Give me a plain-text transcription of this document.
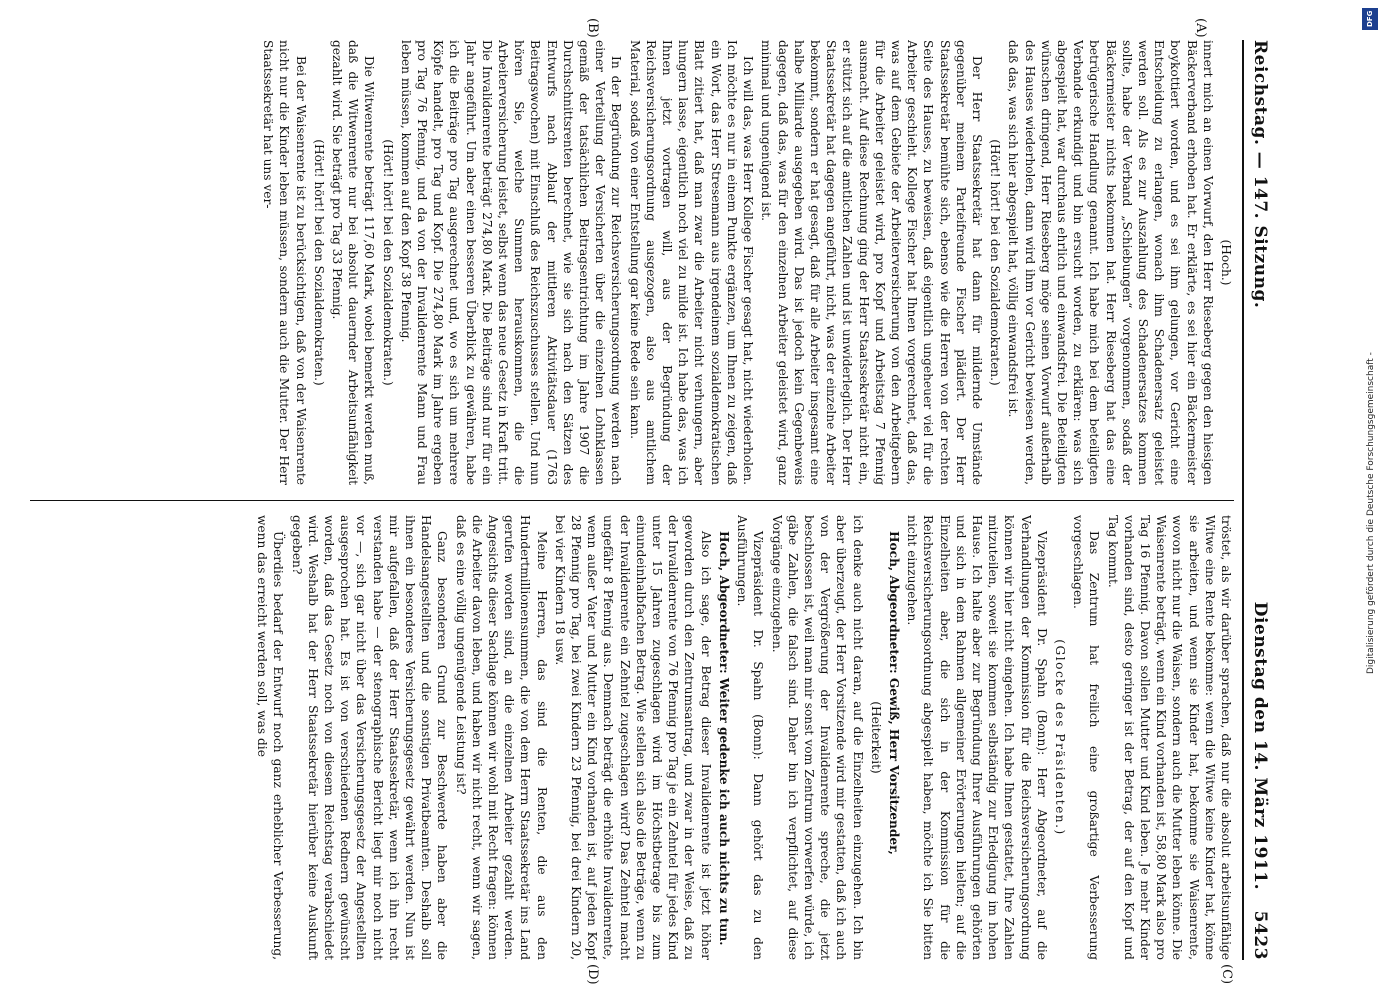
Reichstag. — 147. Sitzung.
Dienstag den 14. März 1911.
5423
(A)
(B)
(C)
(D)

(Hoch.)

innert mich an einen Vorwurf, den Herr Rieseberg gegen den hiesigen Bäckerverband erhoben hat. Er erklärte, es sei hier ein Bäckermeister boykottiert worden, und es sei ihm gelungen, vor Gericht eine Entscheidung zu erlangen, wonach ihm Schadenersatz geleistet werden soll. Als es zur Auszahlung des Schadenersatzes kommen sollte, habe der Verband „Schiebungen“ vorgenommen, sodaß der Bäckermeister nichts bekommen hat. Herr Rieseberg hat das eine betrügerische Handlung genannt. Ich habe mich bei dem beteiligten Verbande erkundigt und bin ersucht worden, zu erklären: was sich abgespielt hat, war durchaus ehrlich und einwandsfrei. Die Beteiligten wünschen dringend, Herr Rieseberg möge seinen Vorwurf außerhalb des Hauses wiederholen, dann wird ihm vor Gericht bewiesen werden, daß das, was sich hier abgespielt hat, völlig einwandsfrei ist.

(Hört! hört! bei den Sozialdemokraten.)

Der Herr Staatssekretär hat dann für mildernde Umstände gegenüber meinem Parteifreunde Fischer plädiert. Der Herr Staatssekretär bemühte sich, ebenso wie die Herren von der rechten Seite des Hauses, zu beweisen, daß eigentlich ungeheuer viel für die Arbeiter geschieht. Kollege Fischer hat Ihnen vorgerechnet, daß das, was auf dem Gebiete der Arbeiterversicherung von den Arbeitgebern für die Arbeiter geleistet wird, pro Kopf und Arbeitstag 7 Pfennig ausmacht. Auf diese Rechnung ging der Herr Staatssekretär nicht ein, er stützt sich auf die amtlichen Zahlen und ist unwiderleglich. Der Herr Staatssekretär hat dagegen angeführt, nicht, was der einzelne Arbeiter bekommt, sondern er hat gesagt, daß für alle Arbeiter insgesamt eine halbe Milliarde ausgegeben wird. Das ist jedoch kein Gegenbeweis dagegen, daß das, was für den einzelnen Arbeiter geleistet wird, ganz minimal und ungenügend ist.

Ich will das, was Herr Kollege Fischer gesagt hat, nicht wiederholen. Ich möchte es nur in einem Punkte ergänzen, um Ihnen zu zeigen, daß ein Wort, das Herr Stresemann aus irgendeinem sozialdemokratischen Blatt zitiert hat, daß man zwar die Arbeiter nicht verhungern, aber hungern lasse, eigentlich noch viel zu milde ist. Ich habe das, was ich Ihnen jetzt vortragen will, aus der Begründung der Reichsversicherungsordnung ausgezogen, also aus amtlichem Material, sodaß von einer Entstellung gar keine Rede sein kann.

In der Begründung zur Reichsversicherungsordnung werden nach einer Verteilung der Versicherten über die einzelnen Lohnklassen gemäß der tatsächlichen Beitragsentrichtung im Jahre 1907 die Durchschnittsrenten berechnet, wie sie sich nach den Sätzen des Entwurfs nach Ablauf der mittleren Aktivitätsdauer (1763 Beitragswochen) mit Einschluß des Reichszuschusses stellen. Und nun hören Sie, welche Summen herauskommen, die die Arbeiterversicherung leistet, selbst wenn das neue Gesetz in Kraft tritt. Die Invalidenrente beträgt 274,80 Mark. Die Beiträge sind nur für ein Jahr angeführt. Um aber einen besseren Überblick zu gewähren, habe ich die Beiträge pro Tag ausgerechnet und, wo es sich um mehrere Köpfe handelt, pro Tag und Kopf. Die 274,80 Mark im Jahre ergeben pro Tag 76 Pfennig, und da von der Invalidenrente Mann und Frau leben müssen, kommen auf den Kopf 38 Pfennig.

(Hört! hört! bei den Sozialdemokraten.)

Die Witwenrente beträgt 117,60 Mark, wobei bemerkt werden muß, daß die Witwenrente nur bei absolut dauernder Arbeitsunfähigkeit gezahlt wird. Sie beträgt pro Tag 33 Pfennig.

(Hört! hört! bei den Sozialdemokraten.)

Bei der Waisenrente ist zu berücksichtigen, daß von der Waisenrente nicht nur die Kinder leben müssen, sondern auch die Mutter. Der Herr Staatssekretär hat uns ver-

tröstet, als wir darüber sprachen, daß nur die absolut arbeitsunfähige Witwe eine Rente bekomme: wenn die Witwe keine Kinder hat, könne sie arbeiten, und wenn sie Kinder hat, bekomme sie Waisenrente, wovon nicht nur die Waisen, sondern auch die Mutter leben könne. Die Waisenrente beträgt, wenn ein Kind vorhanden ist, 58,80 Mark also pro Tag 16 Pfennig. Davon sollen Mutter und Kind leben. Je mehr Kinder vorhanden sind, desto geringer ist der Betrag, der auf den Kopf und Tag kommt.

Das Zentrum hat freilich eine großartige Verbesserung vorgeschlagen.

(Glocke des Präsidenten.)

Vizepräsident Dr. Spahn (Bonn): Herr Abgeordneter, auf die Verhandlungen der Kommission für die Reichsversicherungsordnung können wir hier nicht eingehen. Ich habe Ihnen gestattet, Ihre Zahlen mitzuteilen, soweit sie kommen selbständig zur Erledigung im hohen Hause. Ich halte aber zur Begründung Ihrer Ausführungen gehörten und sich in dem Rahmen allgemeiner Erörterungen hielten; auf die Einzelheiten aber, die sich in der Kommission für die Reichsversicherungsordnung abgespielt haben, möchte ich Sie bitten nicht einzugehen.

Hoch, Abgeordneter: Gewiß, Herr Vorsitzender,

(Heiterkeit)

ich denke auch nicht daran, auf die Einzelheiten einzugehen. Ich bin aber überzeugt, der Herr Vorsitzende wird mir gestatten, daß ich auch von der Vergrößerung der Invalidenrente spreche, die jetzt beschlossen ist, weil man mir sonst vom Zentrum vorwerfen würde, ich gäbe Zahlen, die falsch sind. Daher bin ich verpflichtet, auf diese Vorgänge einzugehen.

Vizepräsident Dr. Spahn (Bonn): Dann gehört das zu den Ausführungen.

Hoch, Abgeordneter: Weiter gedenke ich auch nichts zu tun.

Also ich sage, der Betrag dieser Invalidenrente ist jetzt höher geworden durch den Zentrumsantrag, und zwar in der Weise, daß zu der Invalidenrente von 76 Pfennig pro Tag je ein Zehntel für jedes Kind unter 15 Jahren zugeschlagen wird im Höchstbetrage bis zum einundeinhalbfachen Betrag. Wie stellen sich also die Beträge, wenn zu der Invalidenrente ein Zehntel zugeschlagen wird? Das Zehntel macht ungefähr 8 Pfennig aus. Demnach beträgt die erhöhte Invalidenrente, wenn außer Vater und Mutter ein Kind vorhanden ist, auf jeden Kopf 28 Pfennig pro Tag, bei zwei Kindern 23 Pfennig, bei drei Kindern 20, bei vier Kindern 18 usw.

Meine Herren, das sind die Renten, die aus den Hundertmillionensummen, die von dem Herrn Staatssekretär ins Land gerufen worden sind, an die einzelnen Arbeiter gezahlt werden. Angesichts dieser Sachlage können wir wohl mit Recht fragen: können die Arbeiter davon leben, und haben wir nicht recht, wenn wir sagen, daß es eine völlig ungenügende Leistung ist?

Ganz besonderen Grund zur Beschwerde haben aber die Handelsangestellten und die sonstigen Privatbeamten. Deshalb soll ihnen ein besonderes Versicherungsgesetz gewährt werden. Nun ist mir aufgefallen, daß der Herr Staatssekretär, wenn ich ihn recht verstanden habe — der stenographische Bericht liegt mir noch nicht vor —, sich gar nicht über das Versicherungsgesetz der Angestellten ausgesprochen hat. Es ist von verschiedenen Rednern gewünscht worden, daß das Gesetz noch von diesem Reichstag verabschiedet wird. Weshalb hat der Herr Staatssekretär hierüber keine Auskunft gegeben?

Überdies bedarf der Entwurf noch ganz erheblicher Verbesserung, wenn das erreicht werden soll, was die

DFG
Digitalisierung gefördert durch die Deutsche Forschungsgemeinschaft -
